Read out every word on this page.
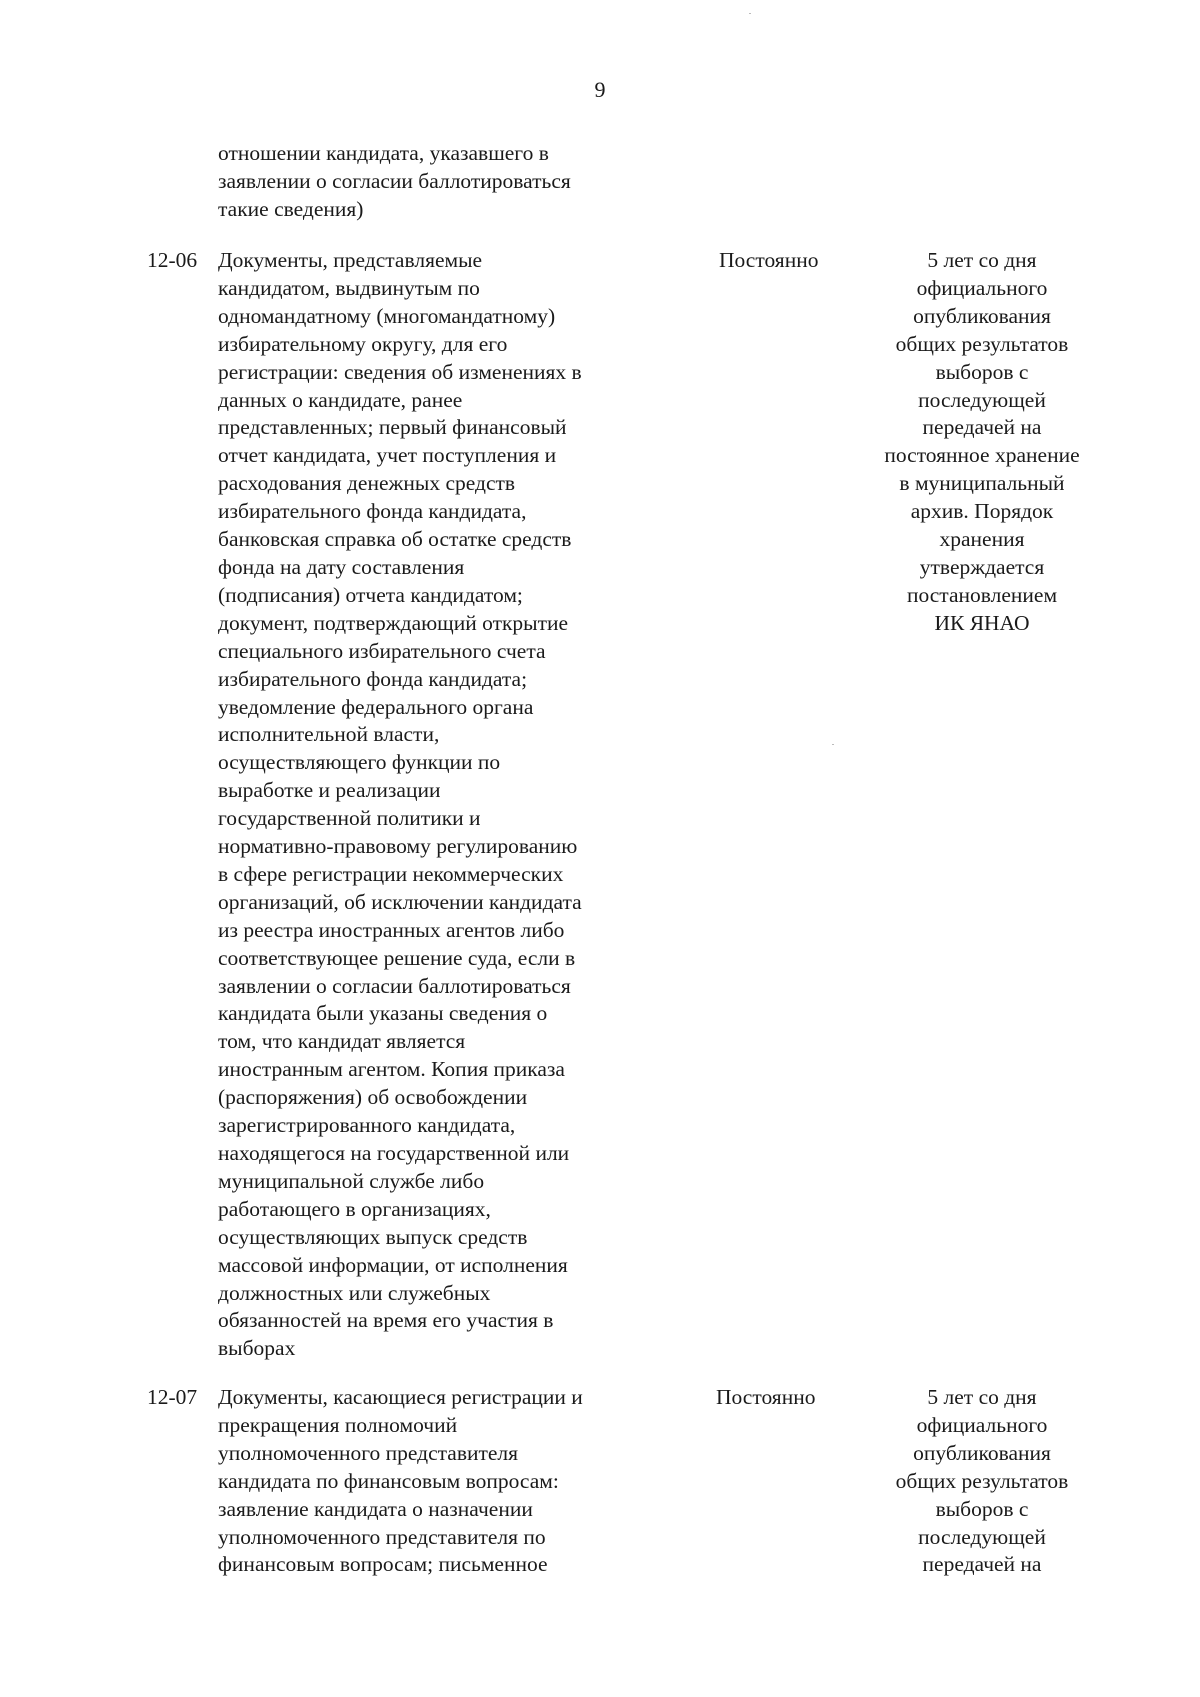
9
отношении кандидата, указавшего в
заявлении о согласии баллотироваться
такие сведения)
12-06 Документы, представляемые
кандидатом, выдвинутым по
одномандатному (многомандатному)
избирательному округу, для его
регистрации: сведения об изменениях в
данных о кандидате, ранее
представленных; первый финансовый
отчет кандидата, учет поступления и
расходования денежных средств
избирательного фонда кандидата,
банковская справка об остатке средств
фонда на дату составления
(подписания) отчета кандидатом;
документ, подтверждающий открытие
специального избирательного счета
избирательного фонда кандидата;
уведомление федерального органа
исполнительной власти,
осуществляющего функции по
выработке и реализации
государственной политики и
нормативно-правовому регулированию
в сфере регистрации некоммерческих
организаций, об исключении кандидата
из реестра иностранных агентов либо
соответствующее решение суда, если в
заявлении о согласии баллотироваться
кандидата были указаны сведения о
том, что кандидат является
иностранным агентом. Копия приказа
(распоряжения) об освобождении
зарегистрированного кандидата,
находящегося на государственной или
муниципальной службе либо
работающего в организациях,
осуществляющих выпуск средств
массовой информации, от исполнения
должностных или служебных
обязанностей на время его участия в
выборах
Постоянно	5 лет со дня
официального
опубликования
общих результатов
выборов с
последующей
передачей на
постоянное хранение
в муниципальный
архив. Порядок
хранения
утверждается
постановлением
ИК ЯНАО
12-07 Документы, касающиеся регистрации и
прекращения полномочий
уполномоченного представителя
кандидата по финансовым вопросам:
заявление кандидата о назначении
уполномоченного представителя по
финансовым вопросам; письменное
Постоянно	5 лет со дня
официального
опубликования
общих результатов
выборов с
последующей
передачей на
